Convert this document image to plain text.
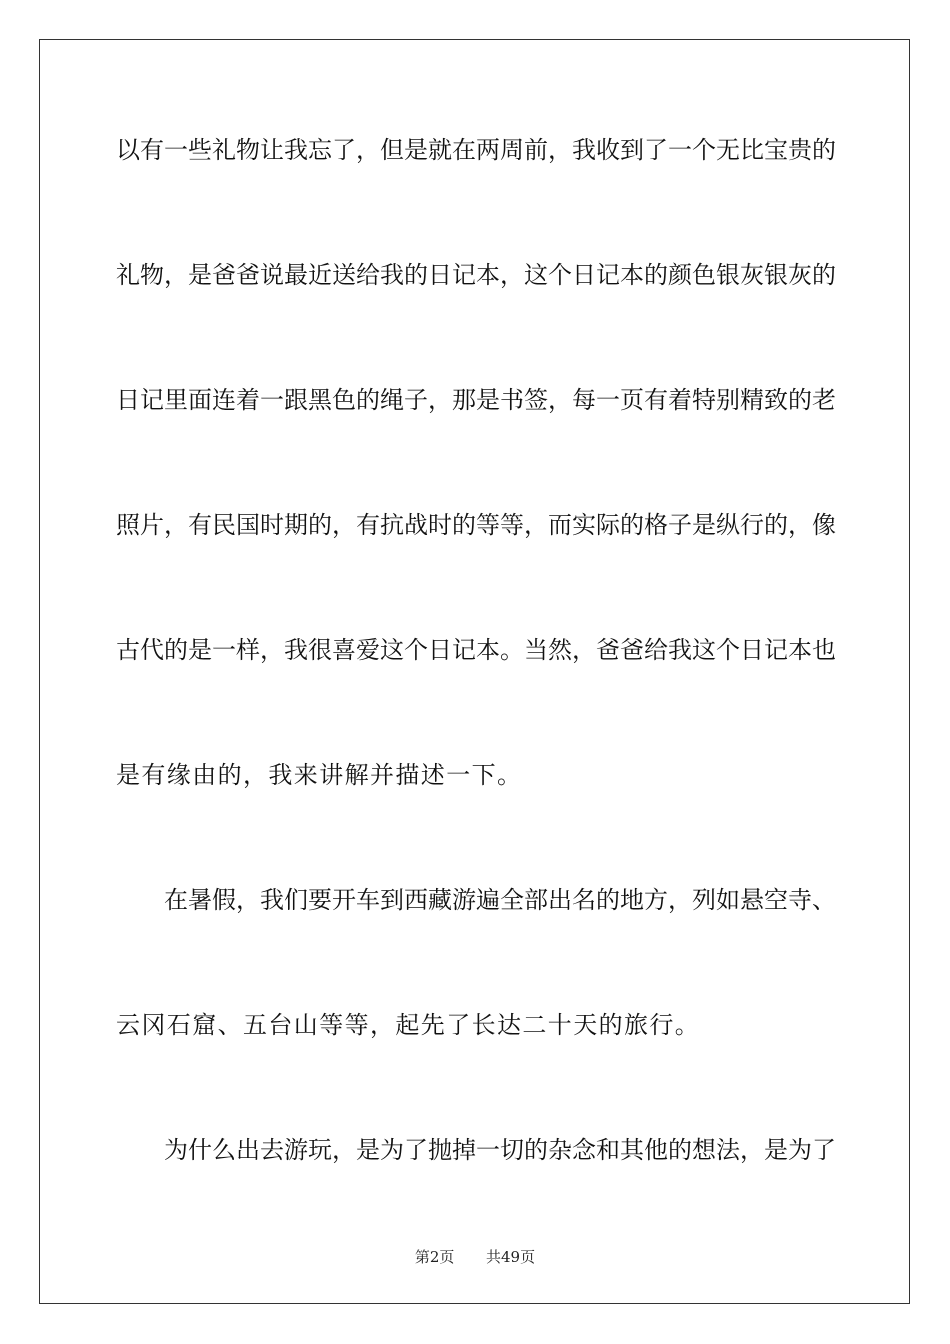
以有一些礼物让我忘了，但是就在两周前，我收到了一个无比宝贵的
礼物，是爸爸说最近送给我的日记本，这个日记本的颜色银灰银灰的
日记里面连着一跟黑色的绳子，那是书签，每一页有着特别精致的老
照片，有民国时期的，有抗战时的等等，而实际的格子是纵行的，像
古代的是一样，我很喜爱这个日记本。当然，爸爸给我这个日记本也
是有缘由的，我来讲解并描述一下。
在暑假，我们要开车到西藏游遍全部出名的地方，列如悬空寺、
云冈石窟、五台山等等，起先了长达二十天的旅行。
为什么出去游玩，是为了抛掉一切的杂念和其他的想法，是为了
第2页 共49页
